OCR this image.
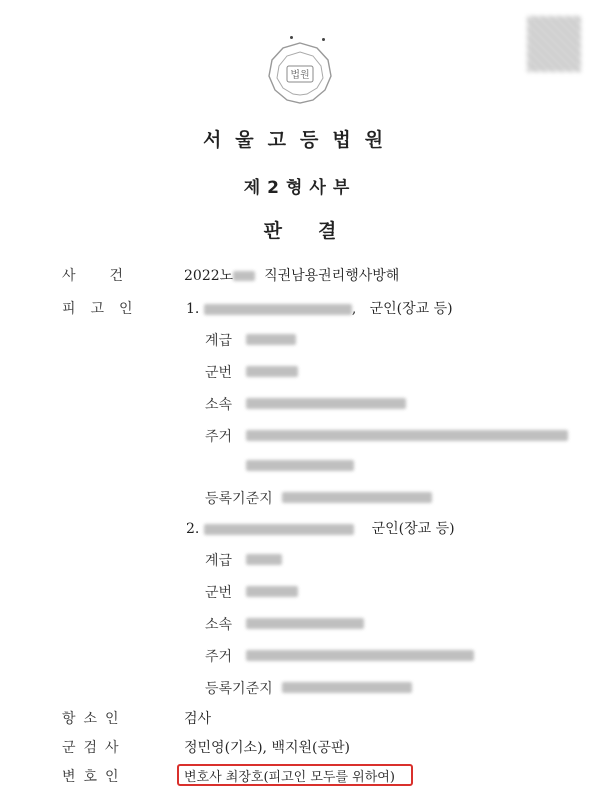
법원
서울고등법원
제2형사부
판결
사건 2022노 직권남용권리행사방해
피고인	1.	,   군인(장교 등)
계급
군번
소속
주거
등록기준지
2.	군인(장교 등)
계급
군번
소속
주거
등록기준지
항소인	검사
군검사	정민영(기소), 백지원(공판)
변호인	변호사 최장호(피고인 모두를 위하여)
